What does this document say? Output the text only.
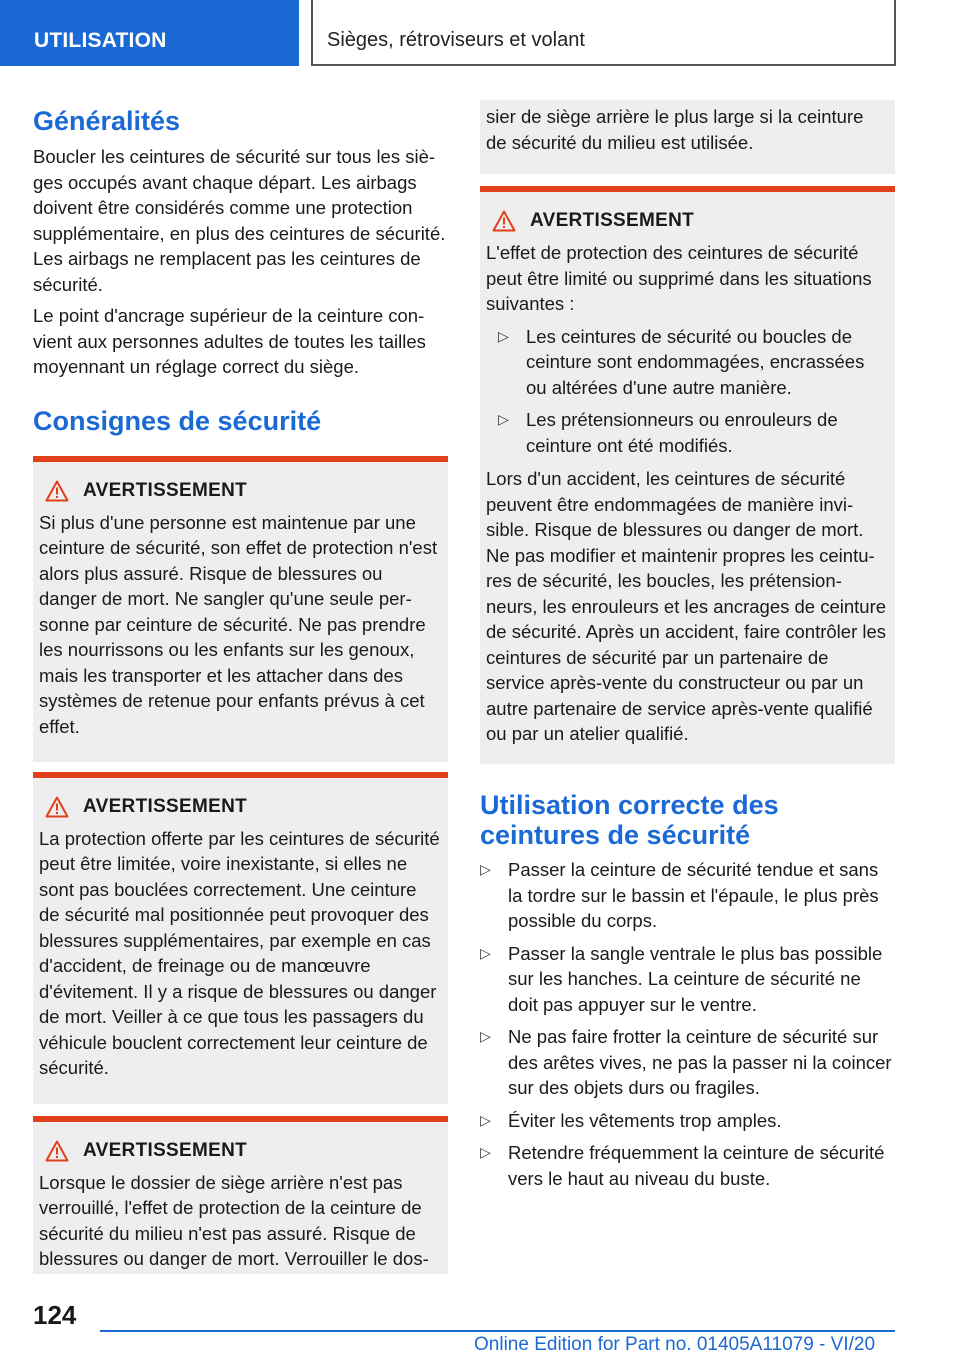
UTILISATION	Sièges, rétroviseurs et volant
Généralités

Boucler les ceintures de sécurité sur tous les sièges occupés avant chaque départ. Les airbags doivent être considérés comme une protection supplémentaire, en plus des ceintures de sécurité. Les airbags ne remplacent pas les ceintures de sécurité.

Le point d'ancrage supérieur de la ceinture convient aux personnes adultes de toutes les tailles moyennant un réglage correct du siège.

Consignes de sécurité
AVERTISSEMENT

Si plus d'une personne est maintenue par une ceinture de sécurité, son effet de protection n'est alors plus assuré. Risque de blessures ou danger de mort. Ne sangler qu'une seule personne par ceinture de sécurité. Ne pas prendre les nourrissons ou les enfants sur les genoux, mais les transporter et les attacher dans des systèmes de retenue pour enfants prévus à cet effet.

AVERTISSEMENT

La protection offerte par les ceintures de sécurité peut être limitée, voire inexistante, si elles ne sont pas bouclées correctement. Une ceinture de sécurité mal positionnée peut provoquer des blessures supplémentaires, par exemple en cas d'accident, de freinage ou de manœuvre d'évitement. Il y a risque de blessures ou danger de mort. Veiller à ce que tous les passagers du véhicule bouclent correctement leur ceinture de sécurité.

AVERTISSEMENT

Lorsque le dossier de siège arrière n'est pas verrouillé, l'effet de protection de la ceinture de sécurité du milieu n'est pas assuré. Risque de blessures ou danger de mort. Verrouiller le dos-

sier de siège arrière le plus large si la ceinture de sécurité du milieu est utilisée.

AVERTISSEMENT

L'effet de protection des ceintures de sécurité peut être limité ou supprimé dans les situations suivantes :

▷ Les ceintures de sécurité ou boucles de ceinture sont endommagées, encrassées ou altérées d'une autre manière.
▷ Les prétensionneurs ou enrouleurs de ceinture ont été modifiés.

Lors d'un accident, les ceintures de sécurité peuvent être endommagées de manière invisible. Risque de blessures ou danger de mort. Ne pas modifier et maintenir propres les ceintures de sécurité, les boucles, les prétensionneurs, les enrouleurs et les ancrages de ceinture de sécurité. Après un accident, faire contrôler les ceintures de sécurité par un partenaire de service après-vente du constructeur ou par un autre partenaire de service après-vente qualifié ou par un atelier qualifié.

Utilisation correcte des ceintures de sécurité
▷ Passer la ceinture de sécurité tendue et sans la tordre sur le bassin et l'épaule, le plus près possible du corps.
▷ Passer la sangle ventrale le plus bas possible sur les hanches. La ceinture de sécurité ne doit pas appuyer sur le ventre.
▷ Ne pas faire frotter la ceinture de sécurité sur des arêtes vives, ne pas la passer ni la coincer sur des objets durs ou fragiles.
▷ Éviter les vêtements trop amples.
▷ Retendre fréquemment la ceinture de sécurité vers le haut au niveau du buste.
124
Online Edition for Part no. 01405A11079 - VI/20
